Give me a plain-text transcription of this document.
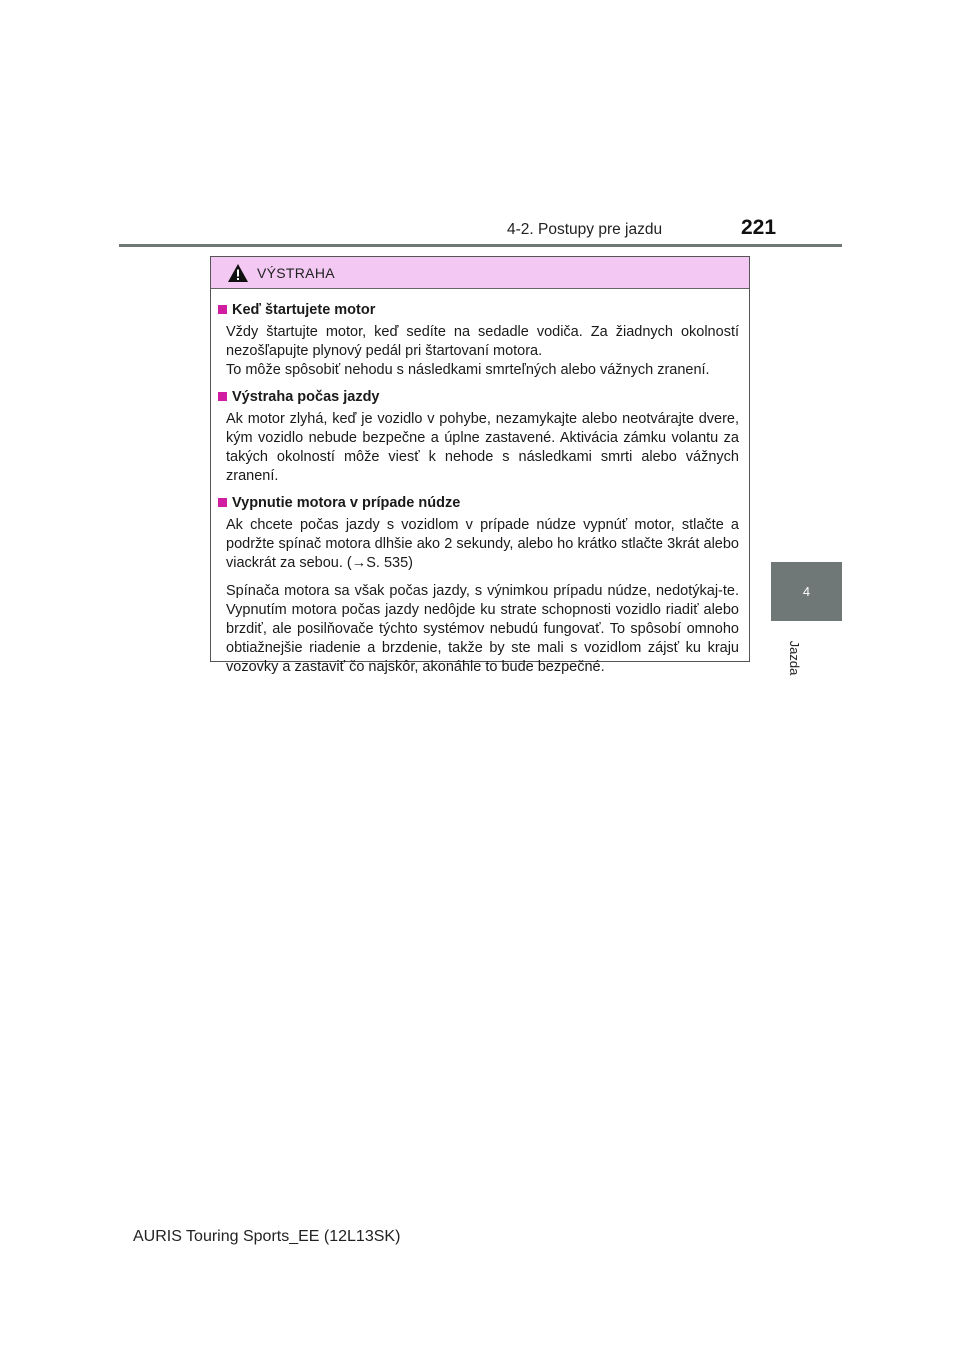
4-2. Postupy pre jazdu	221
4
Jazda
VÝSTRAHA
Keď štartujete motor

Vždy štartujte motor, keď sedíte na sedadle vodiča. Za žiadnych okolností nezošľapujte plynový pedál pri štartovaní motora.
To môže spôsobiť nehodu s následkami smrteľných alebo vážnych zranení.

Výstraha počas jazdy

Ak motor zlyhá, keď je vozidlo v pohybe, nezamykajte alebo neotvárajte dvere, kým vozidlo nebude bezpečne a úplne zastavené. Aktivácia zámku volantu za takých okolností môže viesť k nehode s následkami smrti alebo vážnych zranení.

Vypnutie motora v prípade núdze

Ak chcete počas jazdy s vozidlom v prípade núdze vypnúť motor, stlačte a podržte spínač motora dlhšie ako 2 sekundy, alebo ho krátko stlačte 3krát alebo viackrát za sebou. (→S. 535)

Spínača motora sa však počas jazdy, s výnimkou prípadu núdze, nedotýkaj-te. Vypnutím motora počas jazdy nedôjde ku strate schopnosti vozidlo riadiť alebo brzdiť, ale posilňovače týchto systémov nebudú fungovať. To spôsobí omnoho obtiažnejšie riadenie a brzdenie, takže by ste mali s vozidlom zájsť ku kraju vozovky a zastaviť čo najskôr, akonáhle to bude bezpečné.

AURIS Touring Sports_EE (12L13SK)
